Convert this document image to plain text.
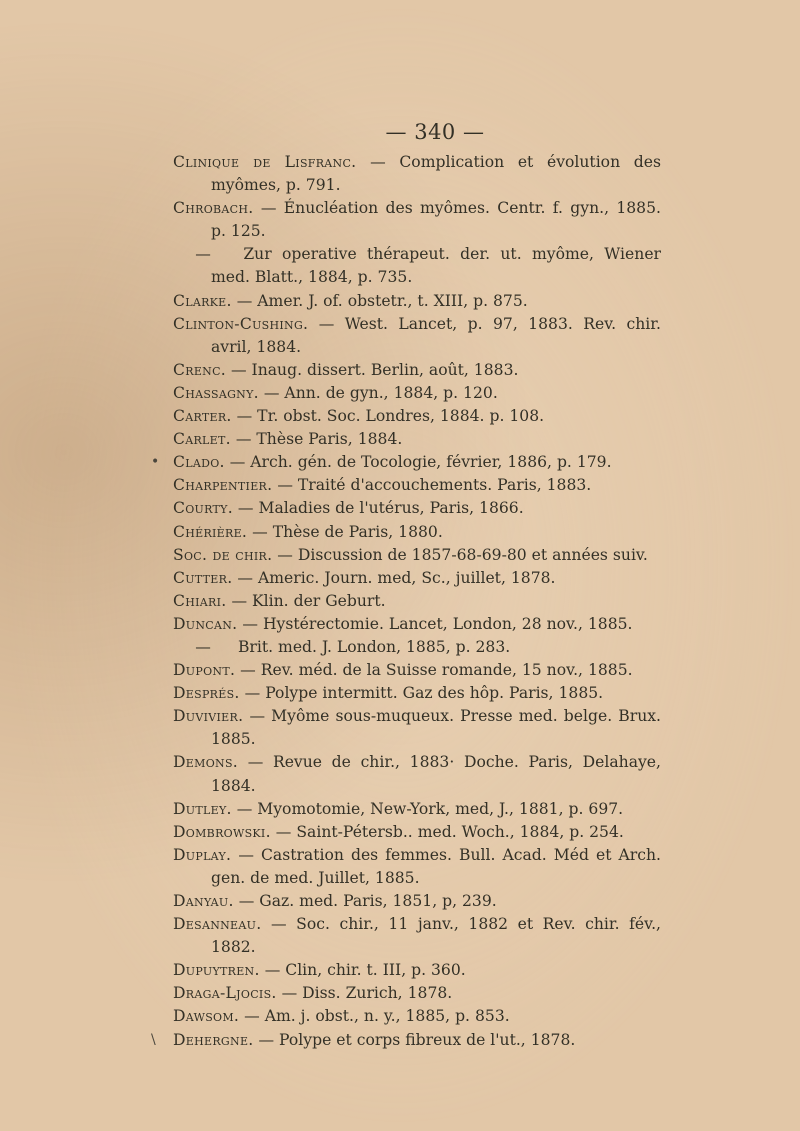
— 340 —
Clinique de Lisfranc. — Complication et évolution des myômes, p. 791.
Chrobach. — Énucléation des myômes. Centr. f. gyn., 1885. p. 125.
— Zur operative thérapeut. der. ut. myôme, Wiener med. Blatt., 1884, p. 735.
Clarke. — Amer. J. of. obstetr., t. XIII, p. 875.
Clinton-Cushing. — West. Lancet, p. 97, 1883. Rev. chir. avril, 1884.
Crenc. — Inaug. dissert. Berlin, août, 1883.
Chassagny. — Ann. de gyn., 1884, p. 120.
Carter. — Tr. obst. Soc. Londres, 1884. p. 108.
Carlet. — Thèse Paris, 1884.
• Clado. — Arch. gén. de Tocologie, février, 1886, p. 179.
Charpentier. — Traité d'accouchements. Paris, 1883.
Courty. — Maladies de l'utérus, Paris, 1866.
Chérière. — Thèse de Paris, 1880.
Soc. de chir. — Discussion de 1857-68-69-80 et années suiv.
Cutter. — Americ. Journ. med, Sc., juillet, 1878.
Chiari. — Klin. der Geburt.
Duncan. — Hystérectomie. Lancet, London, 28 nov., 1885.
— Brit. med. J. London, 1885, p. 283.
Dupont. — Rev. méd. de la Suisse romande, 15 nov., 1885.
Després. — Polype intermitt. Gaz des hôp. Paris, 1885.
Duvivier. — Myôme sous-muqueux. Presse med. belge. Brux. 1885.
Demons. — Revue de chir., 1883· Doche. Paris, Delahaye, 1884.
Dutley. — Myomotomie, New-York, med, J., 1881, p. 697.
Dombrowski. — Saint-Pétersb.. med. Woch., 1884, p. 254.
Duplay. — Castration des femmes. Bull. Acad. Méd et Arch. gen. de med. Juillet, 1885.
Danyau. — Gaz. med. Paris, 1851, p, 239.
Desanneau. — Soc. chir., 11 janv., 1882 et Rev. chir. fév., 1882.
Dupuytren. — Clin, chir. t. III, p. 360.
Draga-Ljocis. — Diss. Zurich, 1878.
Dawsom. — Am. j. obst., n. y., 1885, p. 853.
\ Dehergne. — Polype et corps fibreux de l'ut., 1878.
